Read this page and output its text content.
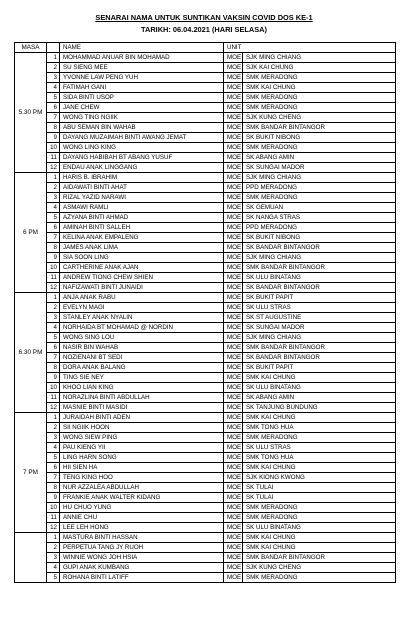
SENARAI NAMA UNTUK SUNTIKAN VAKSIN COVID DOS KE-1
TARIKH: 06.04.2021 (HARI SELASA)
MASA		NAME	UNIT	
5.30 PM	1	MOHAMMAD ANUAR BIN MOHAMAD	MOE	SJK MING CHIANG
	2	SU SIENG MEE	MOE	SJK KAI CHUNG
	3	YVONNE LAW PENG YUH	MOE	SMK MERADONG
	4	FATIMAH GANI	MOE	SMK KAI CHUNG
	5	SIDA BINTI USOP	MOE	SMK MERADONG
	6	JANE CHEW	MOE	SMK MERADONG
	7	WONG TING NGIIK	MOE	SJK KUNG CHENG
	8	ABU SEMAN BIN WAHAB	MOE	SMK BANDAR BINTANGOR
	9	DAYANG MUZAIMAH BINTI AWANG JEMAT	MOE	SK BUKIT NIBONG
	10	WONG LING KING	MOE	SMK MERADONG
	11	DAYANG HABIBAH BT ABANG YUSUF	MOE	SK ABANG AMIN
	12	ENDAU ANAK LINGGANG	MOE	SK SUNGAI MADOR
6 PM	1	HARIS B. IBRAHIM	MOE	SJK MING CHIANG
	2	AIDAWATI BINTI AHAT	MOE	PPD MERADONG
	3	RIZAL YAZID NARAWI	MOE	SMK MERADONG
	4	ASMAWI RAMLI	MOE	SK GEMUAN
	5	AZYANA BINTI AHMAD	MOE	SK NANGA STRAS
	6	AMINAH BINTI SALLEH	MOE	PPD MERADONG
	7	KELINA ANAK EMPALENG	MOE	SK BUKIT NIBONG
	8	JAMES ANAK LIMA	MOE	SK BANDAR BINTANGOR
	9	SIA SOON LING	MOE	SJK MING CHIANG
	10	CARTHERINE ANAK AJAN	MOE	SMK BANDAR BINTANGOR
	11	ANDREW TIONG CHEW SHIEN	MOE	SK ULU BINATANG
	12	NAFIZAWATI BINTI JUNAIDI	MOE	SK BANDAR BINTANGOR
6.30 PM	1	ANJA ANAK RABU	MOE	SK BUKIT PAPIT
	2	EVELYN MAGI	MOE	SK ULU STRAS
	3	STANLEY ANAK NYALIN	MOE	SK ST AUGUSTINE
	4	NORHAIDA BT MOHAMAD @ NORDIN	MOE	SK SUNGAI MADOR
	5	WONG SING LOU	MOE	SJK MING CHIANG
	6	NASIR BIN WAHAB	MOE	SMK BANDAR BINTANGOR
	7	NOZIENANI BT SEDI	MOE	SK BANDAR BINTANGOR
	8	DORA ANAK BALANG	MOE	SK BUKIT PAPIT
	9	TING SIE NEY	MOE	SMK KAI CHUNG
	10	KHOO LIAN KING	MOE	SK ULU BINATANG
	11	NORAZLINA BINTI ABDULLAH	MOE	SK ABANG AMIN
	12	MASNIE BINTI MASIDI	MOE	SK TANJUNG BUNDUNG
7 PM	1	JURAIDAH BINTI ADEN	MOE	SMK KAI CHUNG
	2	SII NGIIK HOON	MOE	SMK TONG HUA
	3	WONG SIEW PING	MOE	SMK MERADONG
	4	PAU KIENG YII	MOE	SK ULU STRAS
	5	LING HARN SONG	MOE	SMK TONG HUA
	6	HII SIEN HA	MOE	SMK KAI CHUNG
	7	TENG KING HOO	MOE	SJK KIONG KWONG
	8	NUR AZZALEA ABDULLAH	MOE	SK TULAI
	9	FRANKIE ANAK WALTER KIDANG	MOE	SK TULAI
	10	HU CHUO YUNG	MOE	SMK MERADONG
	11	ANNIE CHU	MOE	SMK MERADONG
	12	LEE LEH HONG	MOE	SK ULU BINATANG
	1	MASTURA BINTI HASSAN	MOE	SMK KAI CHUNG
	2	PERPETUA TANG JY RUOH	MOE	SMK KAI CHUNG
	3	WINNIE WONG JOH HSIA	MOE	SMK BANDAR BINTANGOR
	4	GUPI ANAK KUMBANG	MOE	SJK KUNG CHENG
	5	ROHANA BINTI LATIFF	MOE	SMK MERADONG
